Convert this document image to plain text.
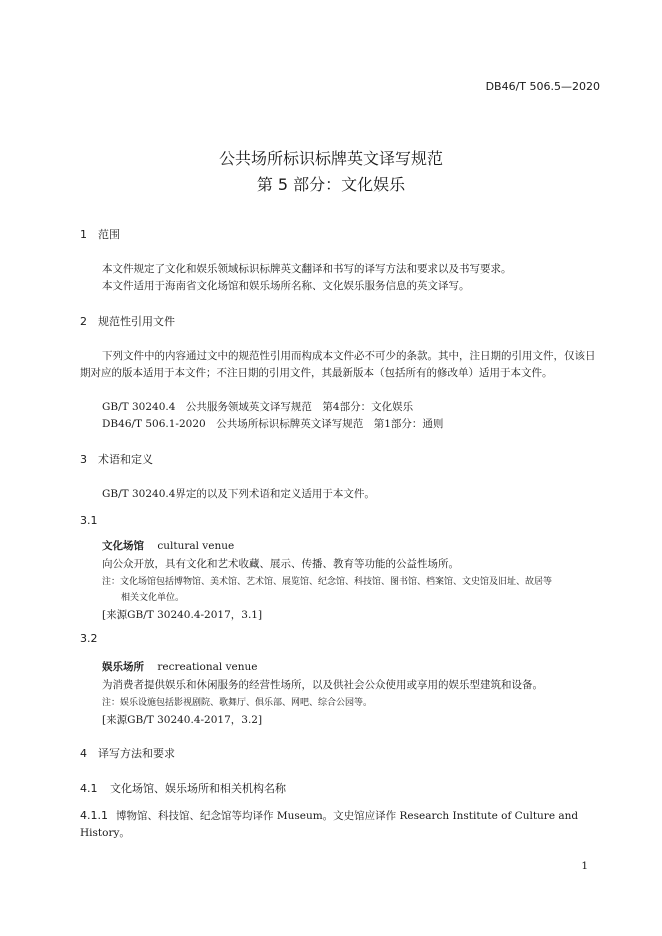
DB46/T 506.5—2020
公共场所标识标牌英文译写规范
第 5 部分：文化娱乐
1 范围
本文件规定了文化和娱乐领域标识标牌英文翻译和书写的译写方法和要求以及书写要求。
本文件适用于海南省文化场馆和娱乐场所名称、文化娱乐服务信息的英文译写。
2 规范性引用文件
下列文件中的内容通过文中的规范性引用而构成本文件必不可少的条款。其中，注日期的引用文件，仅该日期对应的版本适用于本文件；不注日期的引用文件，其最新版本（包括所有的修改单）适用于本文件。
GB/T 30240.4　公共服务领域英文译写规范　第4部分：文化娱乐
DB46/T 506.1-2020　公共场所标识标牌英文译写规范　第1部分：通则
3 术语和定义
GB/T 30240.4界定的以及下列术语和定义适用于本文件。
3.1
文化场馆 cultural venue
向公众开放，具有文化和艺术收藏、展示、传播、教育等功能的公益性场所。
注：文化场馆包括博物馆、美术馆、艺术馆、展览馆、纪念馆、科技馆、图书馆、档案馆、文史馆及旧址、故居等
相关文化单位。
[来源GB/T 30240.4-2017，3.1]
3.2
娱乐场所 recreational venue
为消费者提供娱乐和休闲服务的经营性场所，以及供社会公众使用或享用的娱乐型建筑和设备。
注：娱乐设施包括影视剧院、歌舞厅、俱乐部、网吧、综合公园等。
[来源GB/T 30240.4-2017，3.2]
4 译写方法和要求
4.1 文化场馆、娱乐场所和相关机构名称
4.1.1 博物馆、科技馆、纪念馆等均译作 Museum。文史馆应译作 Research Institute of Culture and
History。
1
